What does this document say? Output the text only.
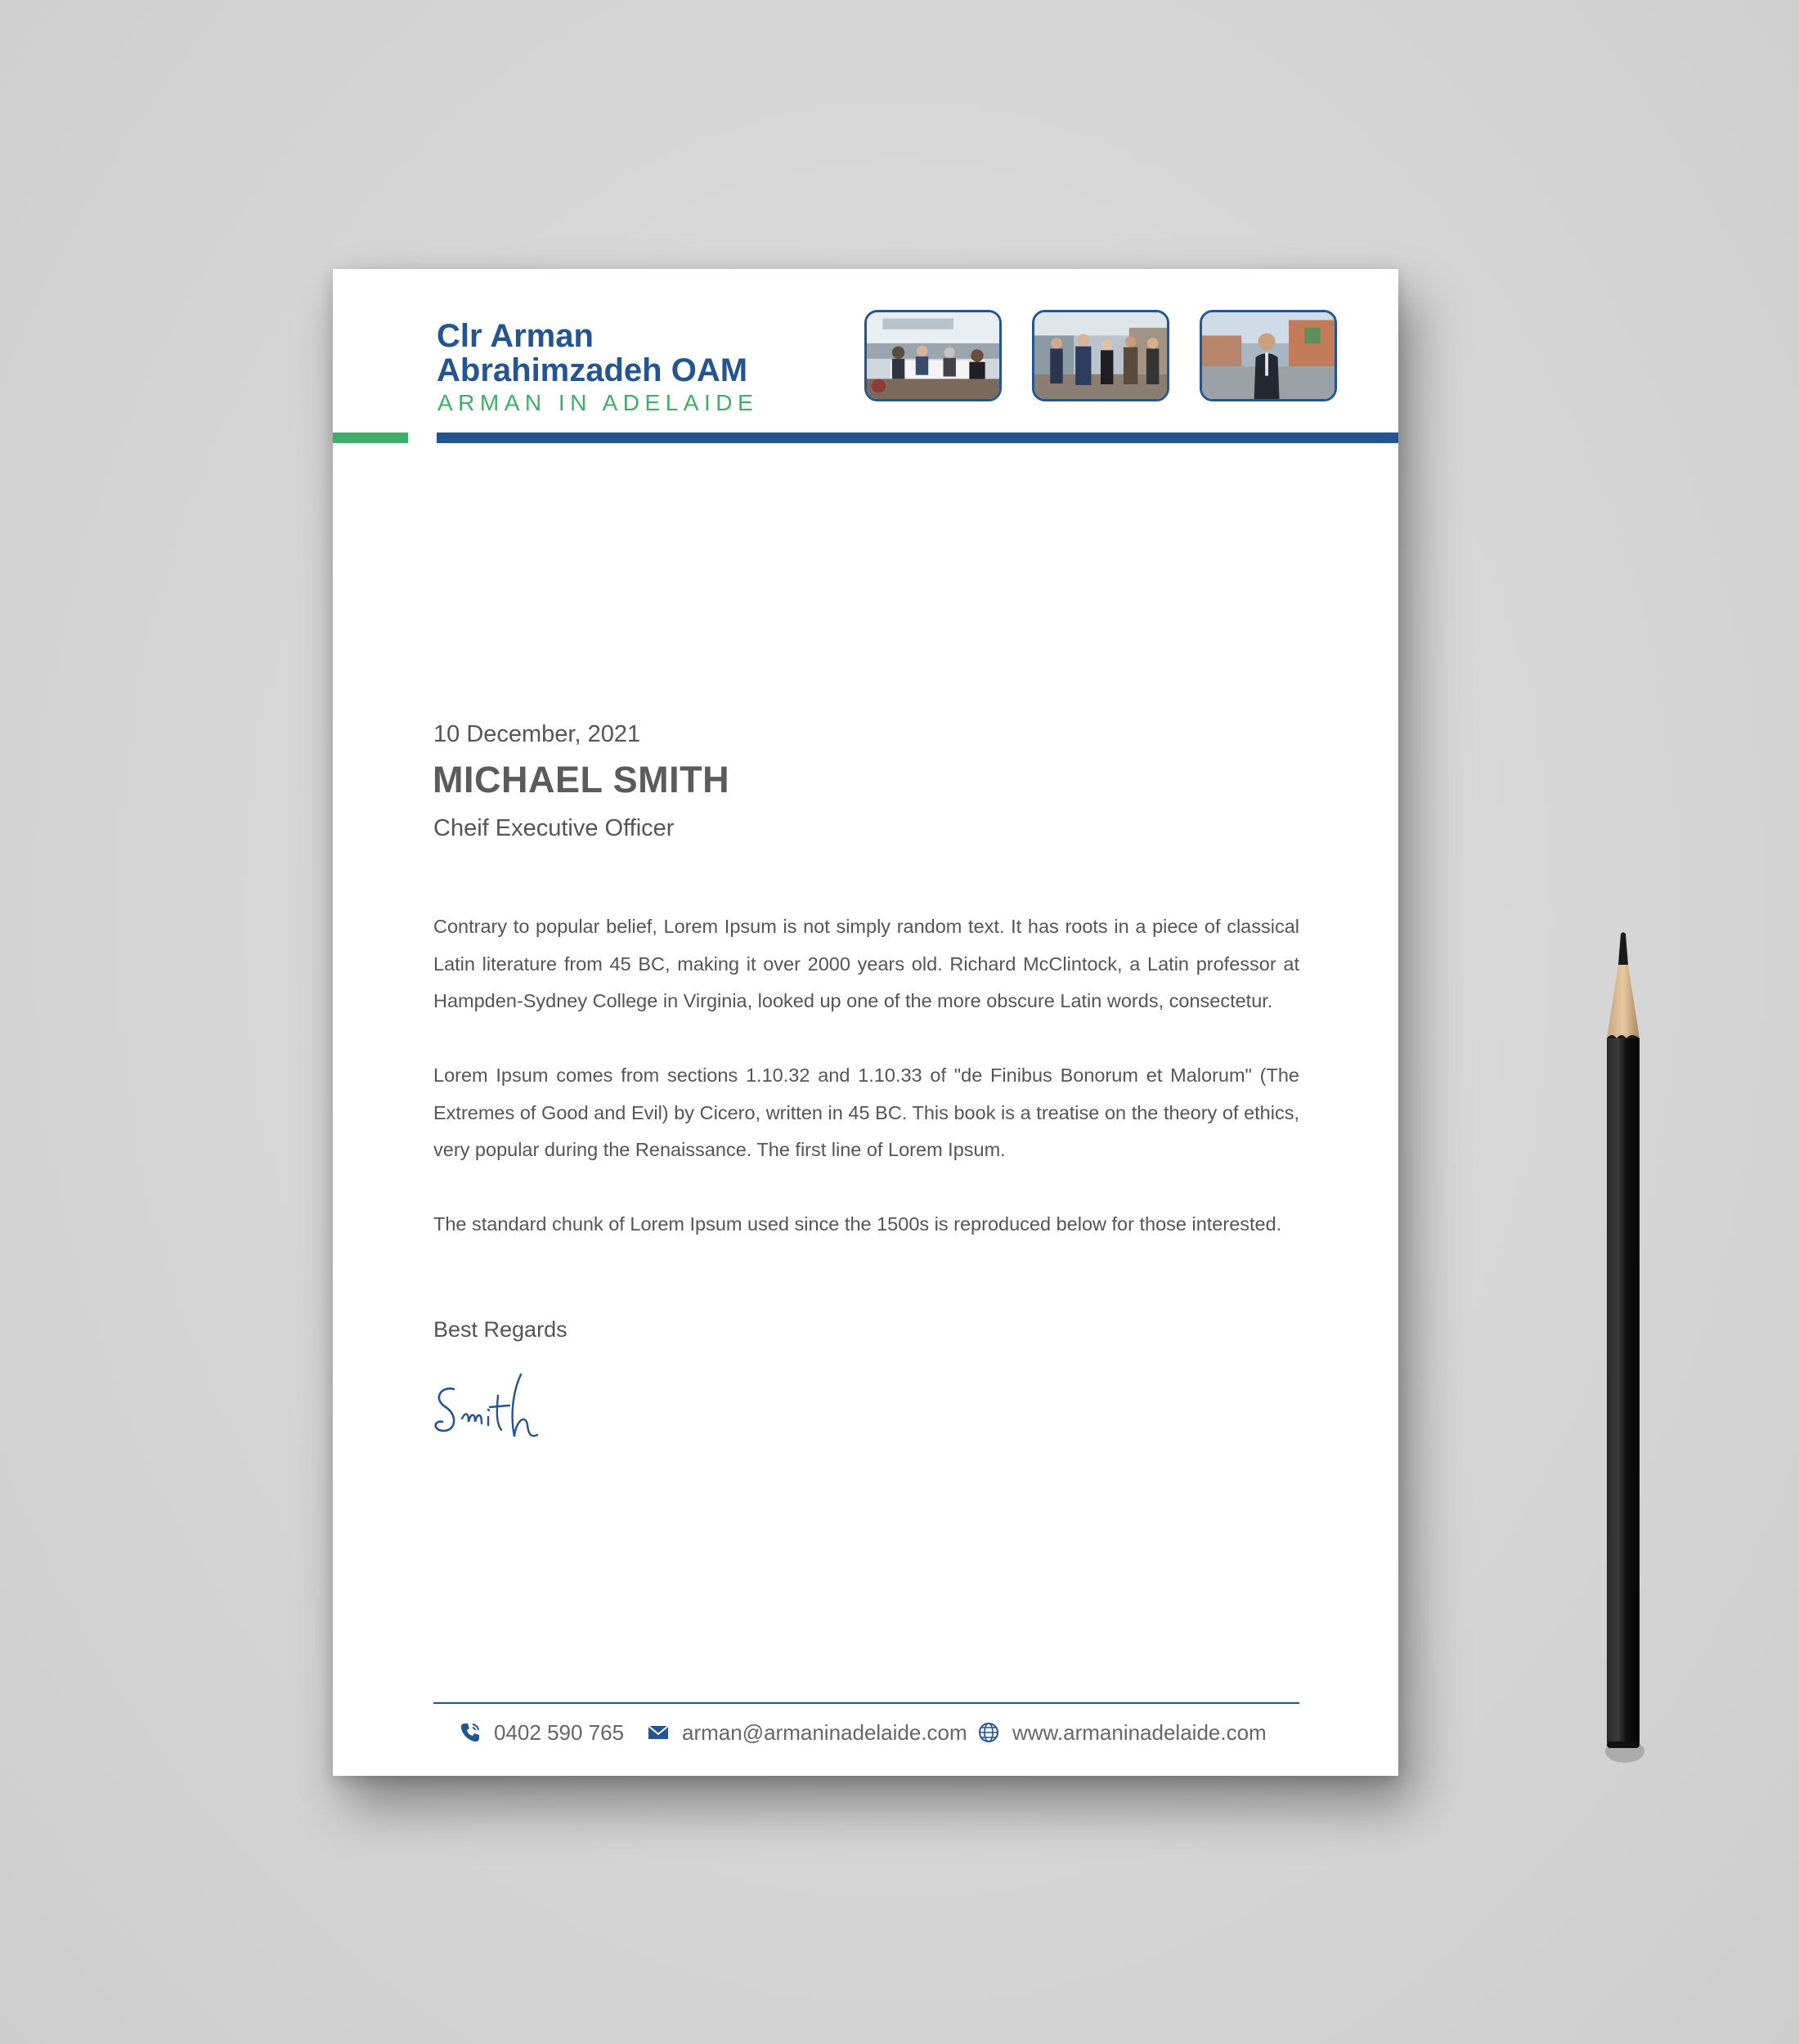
Clr Arman
Abrahimzadeh OAM
ARMAN IN ADELAIDE
10 December, 2021
MICHAEL SMITH
Cheif Executive Officer

Contrary to popular belief, Lorem Ipsum is not simply random text. It has roots in a piece of classical Latin literature from 45 BC, making it over 2000 years old. Richard McClintock, a Latin professor at Hampden-Sydney College in Virginia, looked up one of the more obscure Latin words, consectetur.

Lorem Ipsum comes from sections 1.10.32 and 1.10.33 of "de Finibus Bonorum et Malorum" (The Extremes of Good and Evil) by Cicero, written in 45 BC. This book is a treatise on the theory of ethics, very popular during the Renaissance. The first line of Lorem Ipsum.

The standard chunk of Lorem Ipsum used since the 1500s is reproduced below for those interested.

Best Regards
0402 590 765	arman@armaninadelaide.com www.armaninadelaide.com
